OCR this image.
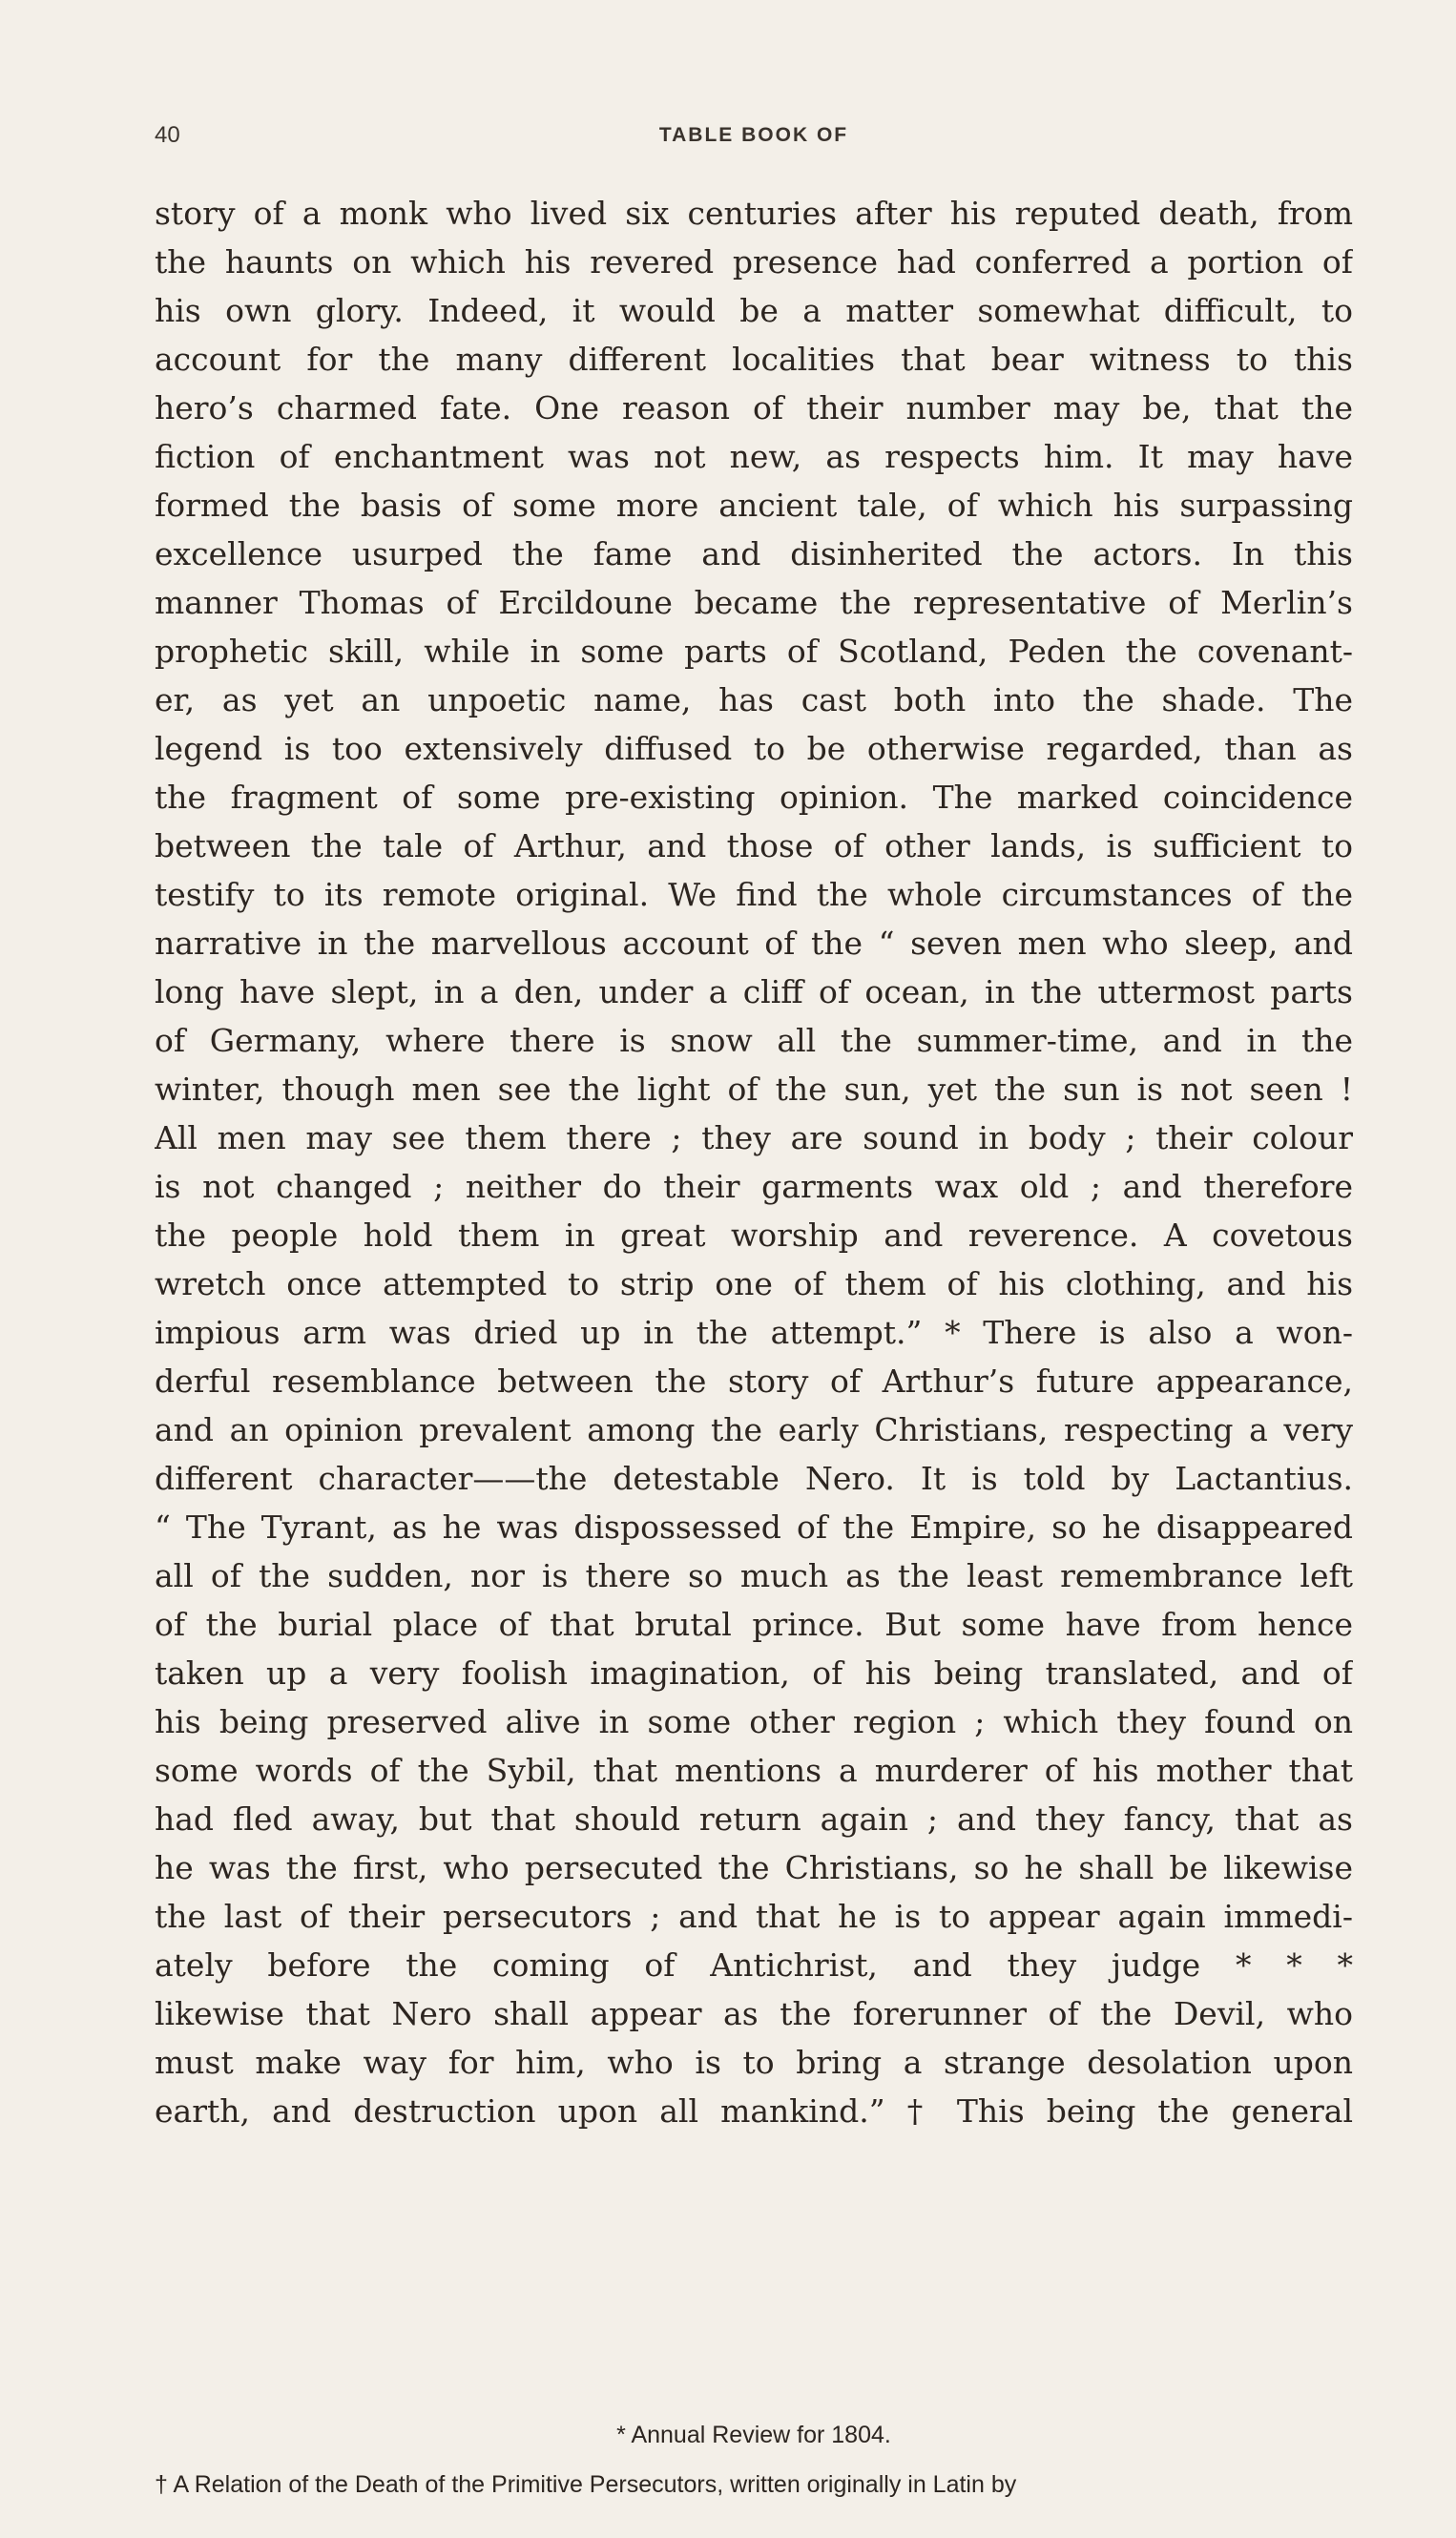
40	TABLE BOOK OF
story of a monk who lived six centuries after his reputed death, from
the haunts on which his revered presence had conferred a portion of
his own glory. Indeed, it would be a matter somewhat difficult, to
account for the many different localities that bear witness to this
hero’s charmed fate. One reason of their number may be, that the
fiction of enchantment was not new, as respects him. It may have
formed the basis of some more ancient tale, of which his surpassing
excellence usurped the fame and disinherited the actors. In this
manner Thomas of Ercildoune became the representative of Merlin’s
prophetic skill, while in some parts of Scotland, Peden the covenant-
er, as yet an unpoetic name, has cast both into the shade. The
legend is too extensively diffused to be otherwise regarded, than as
the fragment of some pre-existing opinion. The marked coincidence
between the tale of Arthur, and those of other lands, is sufficient to
testify to its remote original. We find the whole circumstances of the
narrative in the marvellous account of the “ seven men who sleep, and
long have slept, in a den, under a cliff of ocean, in the uttermost parts
of Germany, where there is snow all the summer-time, and in the
winter, though men see the light of the sun, yet the sun is not seen !
All men may see them there ; they are sound in body ; their colour
is not changed ; neither do their garments wax old ; and therefore
the people hold them in great worship and reverence. A covetous
wretch once attempted to strip one of them of his clothing, and his
impious arm was dried up in the attempt.” * There is also a won-
derful resemblance between the story of Arthur’s future appearance,
and an opinion prevalent among the early Christians, respecting a very
different character——the detestable Nero. It is told by Lactantius.
“ The Tyrant, as he was dispossessed of the Empire, so he disappeared
all of the sudden, nor is there so much as the least remembrance left
of the burial place of that brutal prince. But some have from hence
taken up a very foolish imagination, of his being translated, and of
his being preserved alive in some other region ; which they found on
some words of the Sybil, that mentions a murderer of his mother that
had fled away, but that should return again ; and they fancy, that as
he was the first, who persecuted the Christians, so he shall be likewise
the last of their persecutors ; and that he is to appear again immedi-
ately before the coming of Antichrist, and they judge * * *
likewise that Nero shall appear as the forerunner of the Devil, who
must make way for him, who is to bring a strange desolation upon
earth, and destruction upon all mankind.” † This being the general
* Annual Review for 1804.
† A Relation of the Death of the Primitive Persecutors, written originally in Latin by
